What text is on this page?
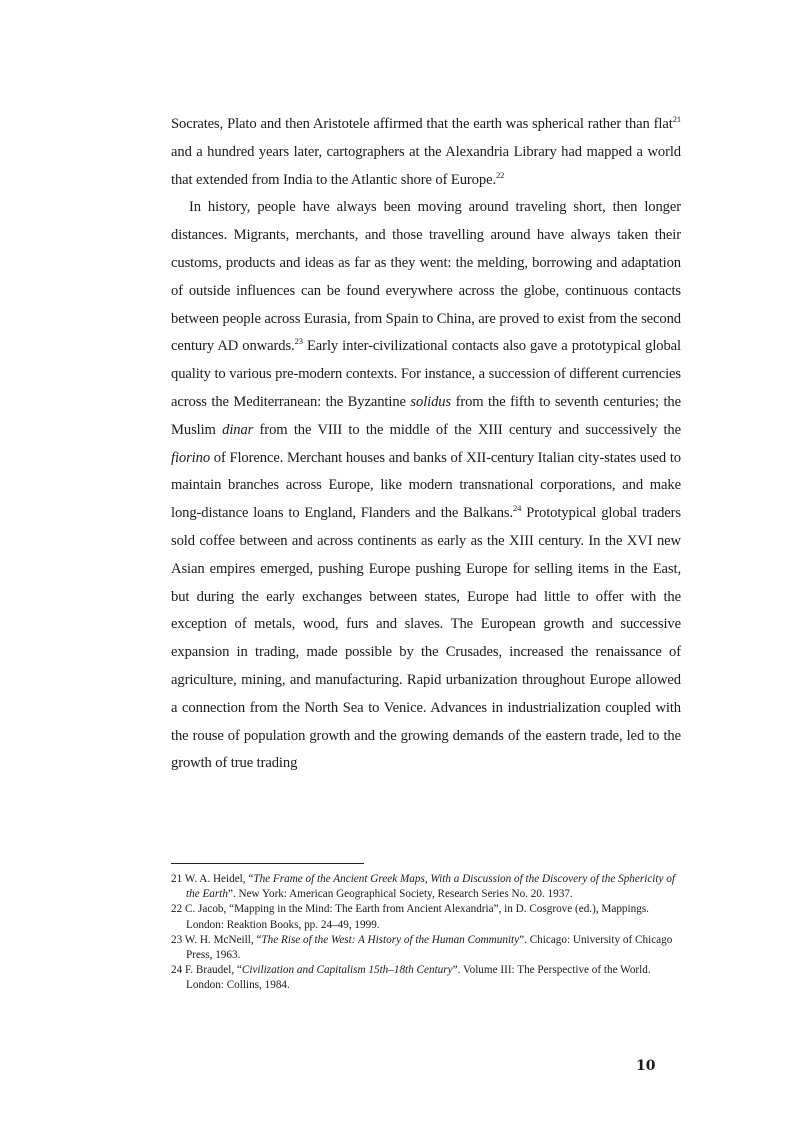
Socrates, Plato and then Aristotele affirmed that the earth was spherical rather than flat$^{21}$ and a hundred years later, cartographers at the Alexandria Library had mapped a world that extended from India to the Atlantic shore of Europe.$^{22}$

In history, people have always been moving around traveling short, then longer distances. Migrants, merchants, and those travelling around have always taken their customs, products and ideas as far as they went: the melding, borrowing and adaptation of outside influences can be found everywhere across the globe, continuous contacts between people across Eurasia, from Spain to China, are proved to exist from the second century AD onwards.$^{23}$ Early inter-civilizational contacts also gave a prototypical global quality to various pre-modern contexts. For instance, a succession of different currencies across the Mediterranean: the Byzantine solidus from the fifth to seventh centuries; the Muslim dinar from the VIII to the middle of the XIII century and successively the fiorino of Florence. Merchant houses and banks of XII-century Italian city-states used to maintain branches across Europe, like modern transnational corporations, and make long-distance loans to England, Flanders and the Balkans.$^{24}$ Prototypical global traders sold coffee between and across continents as early as the XIII century. In the XVI new Asian empires emerged, pushing Europe pushing Europe for selling items in the East, but during the early exchanges between states, Europe had little to offer with the exception of metals, wood, furs and slaves. The European growth and successive expansion in trading, made possible by the Crusades, increased the renaissance of agriculture, mining, and manufacturing. Rapid urbanization throughout Europe allowed a connection from the North Sea to Venice. Advances in industrialization coupled with the rouse of population growth and the growing demands of the eastern trade, led to the growth of true trading

21 W. A. Heidel, “The Frame of the Ancient Greek Maps, With a Discussion of the Discovery of the Sphericity of the Earth”. New York: American Geographical Society, Research Series No. 20. 1937.

22 C. Jacob, “Mapping in the Mind: The Earth from Ancient Alexandria”, in D. Cosgrove (ed.), Mappings. London: Reaktion Books, pp. 24–49, 1999.

23 W. H. McNeill, “The Rise of the West: A History of the Human Community”. Chicago: University of Chicago Press, 1963.

24 F. Braudel, “Civilization and Capitalism 15th–18th Century”. Volume III: The Perspective of the World. London: Collins, 1984.

10
